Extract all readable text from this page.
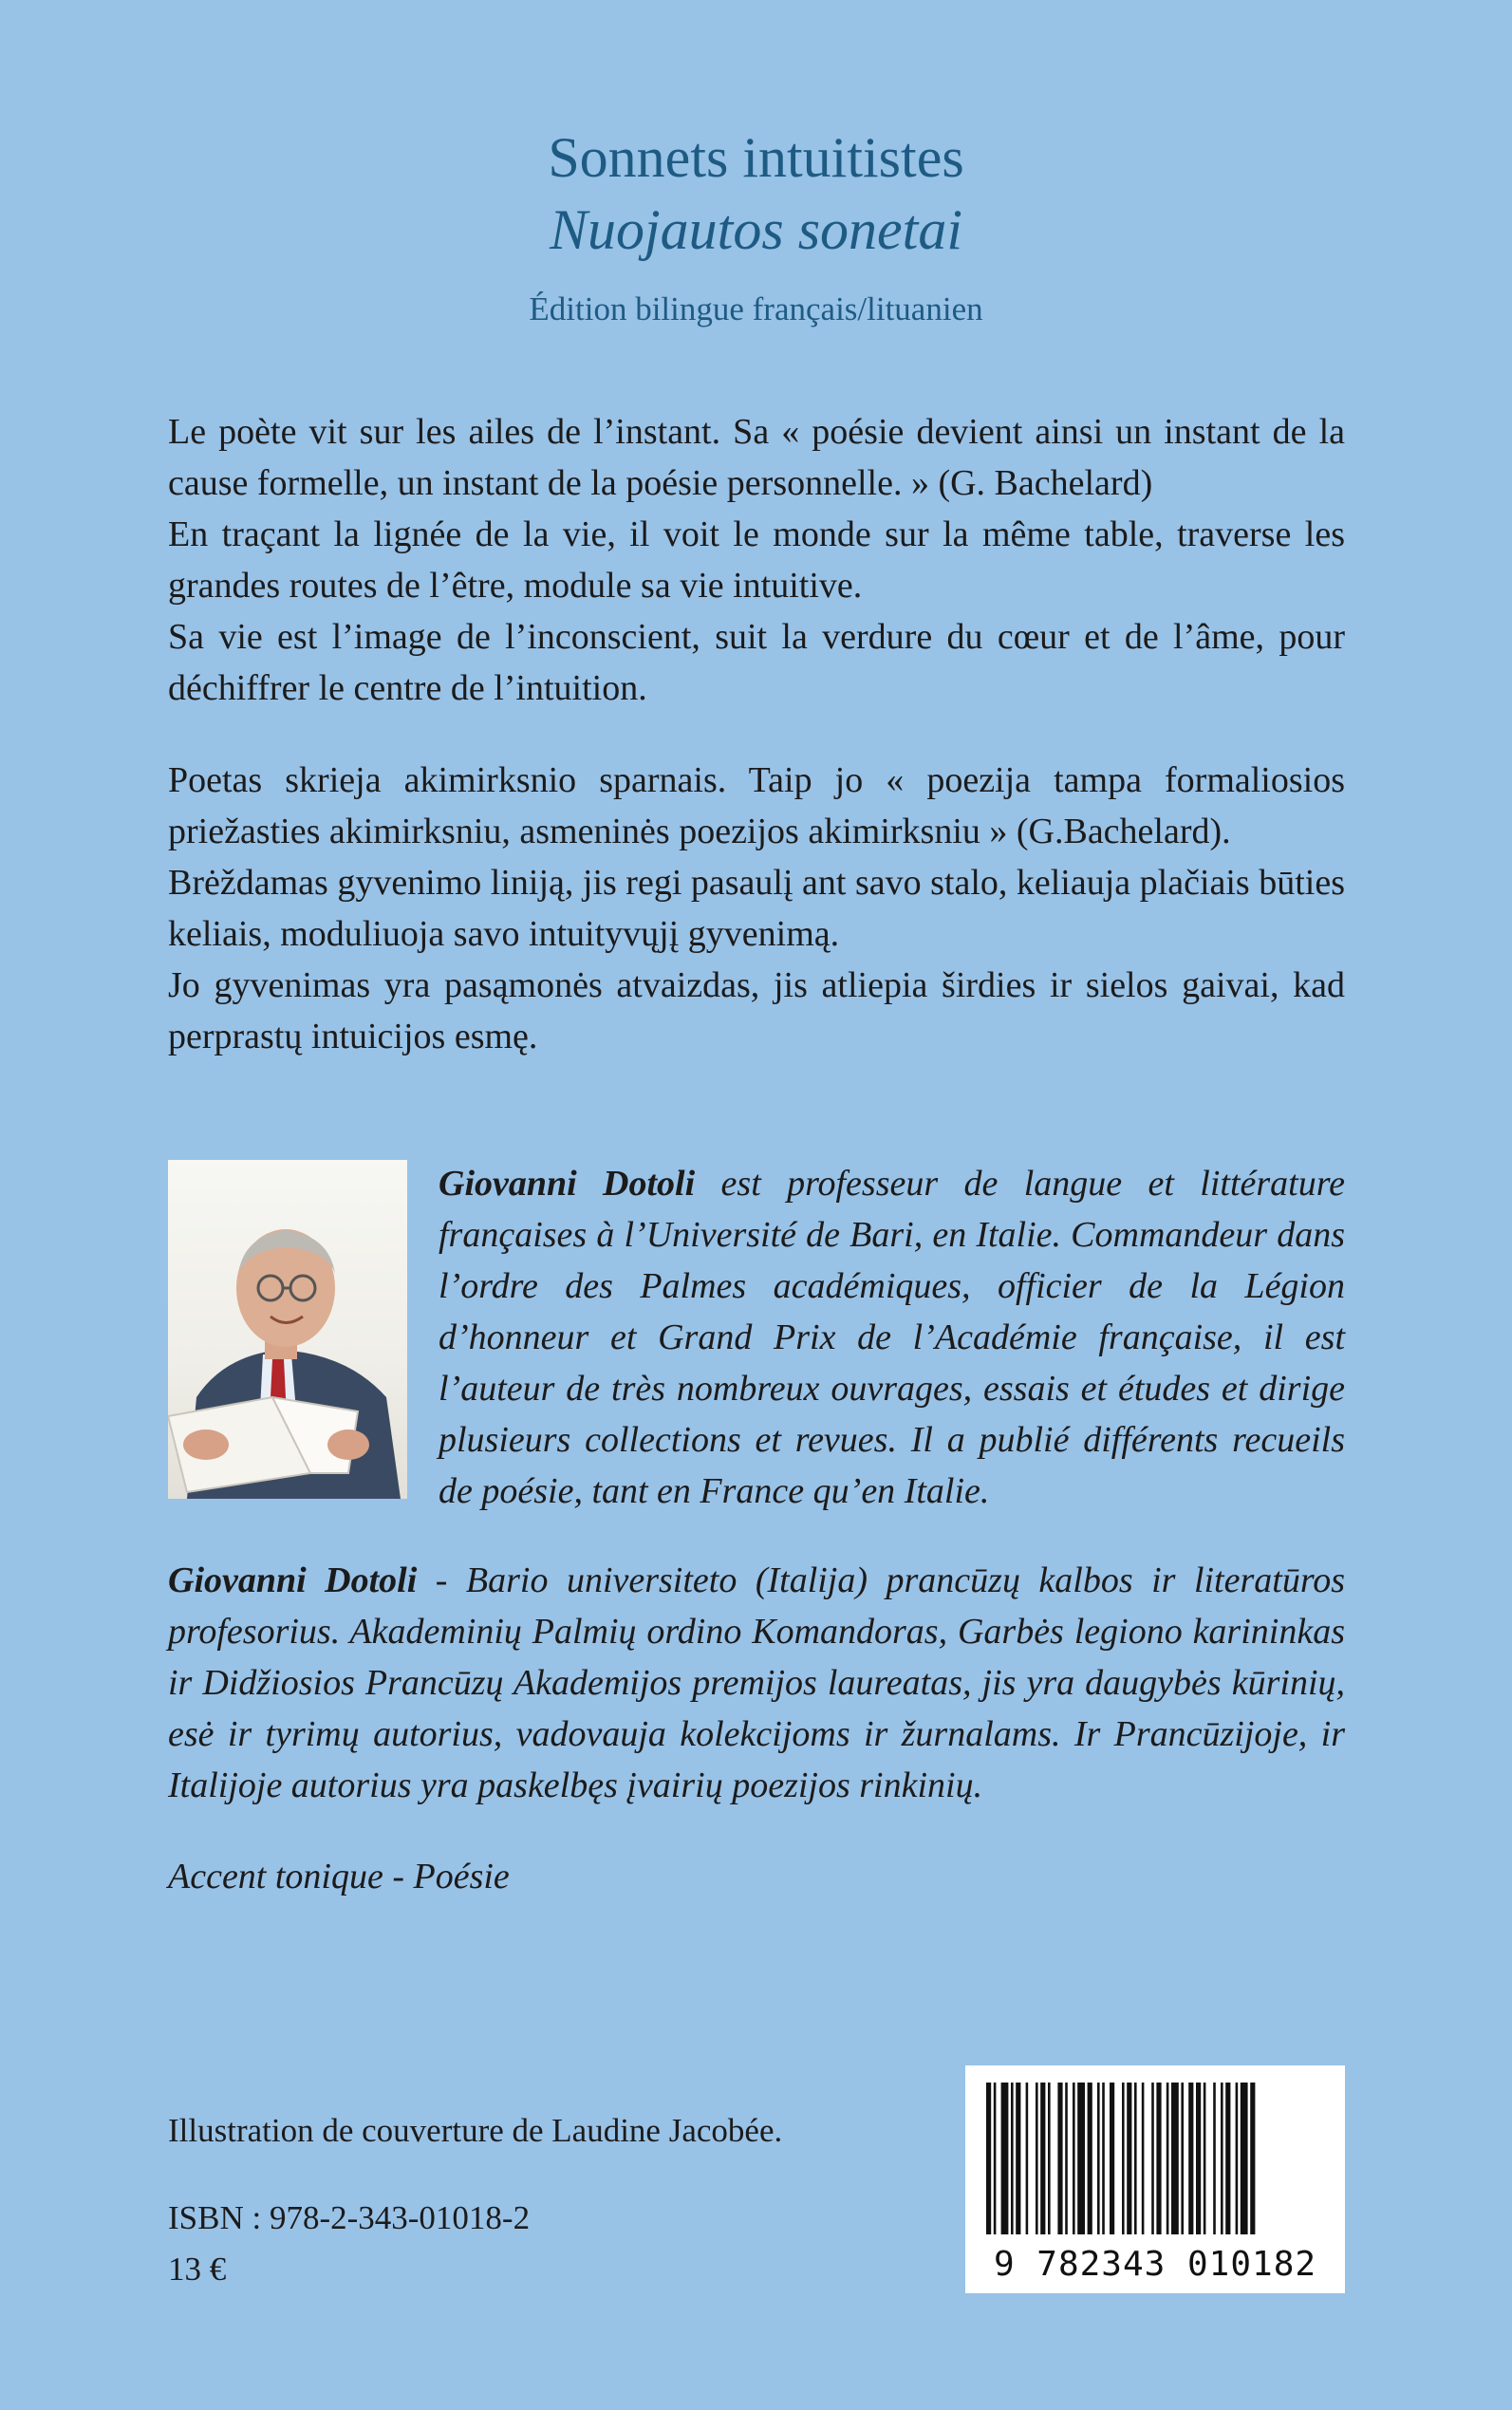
Sonnets intuitistes
Nuojautos sonetai
Édition bilingue français/lituanien

Le poète vit sur les ailes de l’instant. Sa « poésie devient ainsi un instant de la cause formelle, un instant de la poésie personnelle. » (G. Bachelard)

En traçant la lignée de la vie, il voit le monde sur la même table, traverse les grandes routes de l’être, module sa vie intuitive.

Sa vie est l’image de l’inconscient, suit la verdure du cœur et de l’âme, pour déchiffrer le centre de l’intuition.

Poetas skrieja akimirksnio sparnais. Taip jo « poezija tampa formaliosios priežasties akimirksniu, asmeninės poezijos akimirksniu » (G.Bachelard).

Brėždamas gyvenimo liniją, jis regi pasaulį ant savo stalo, keliauja plačiais būties keliais, moduliuoja savo intuityvųjį gyvenimą.

Jo gyvenimas yra pasąmonės atvaizdas, jis atliepia širdies ir sielos gaivai, kad perprastų intuicijos esmę.

Giovanni Dotoli est professeur de langue et littérature françaises à l’Université de Bari, en Italie. Commandeur dans l’ordre des Palmes académiques, officier de la Légion d’honneur et Grand Prix de l’Académie française, il est l’auteur de très nombreux ouvrages, essais et études et dirige plusieurs collections et revues. Il a publié différents recueils de poésie, tant en France qu’en Italie.

Giovanni Dotoli - Bario universiteto (Italija) prancūzų kalbos ir literatūros profesorius. Akademinių Palmių ordino Komandoras, Garbės legiono karininkas ir Didžiosios Prancūzų Akademijos premijos laureatas, jis yra daugybės kūrinių, esė ir tyrimų autorius, vadovauja kolekcijoms ir žurnalams. Ir Prancūzijoje, ir Italijoje autorius yra paskelbęs įvairių poezijos rinkinių.

Accent tonique - Poésie
Illustration de couverture de Laudine Jacobée.
ISBN : 978-2-343-01018-2
13 €	9 782343 010182
